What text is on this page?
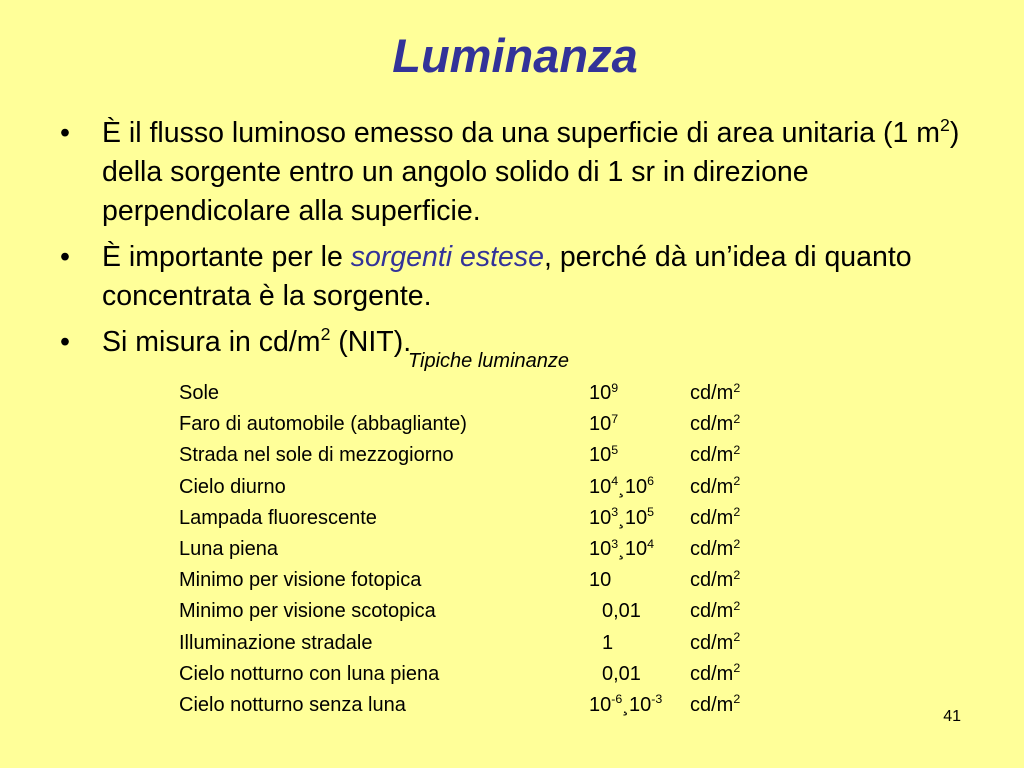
Luminanza
• È il flusso luminoso emesso da una superficie di area unitaria (1 $m^2$) della sorgente entro un angolo solido di 1 sr in direzione perpendicolare alla superficie.
• È importante per le sorgenti estese, perché dà un’idea di quanto concentrata è la sorgente.
• Si misura in $cd/m^2$ (NIT).
Tipiche luminanze
Sole	$10^9$	$cd/m^2$
Faro di automobile (abbagliante)	$10^7$	$cd/m^2$
Strada nel sole di mezzogiorno	$10^5$	$cd/m^2$
Cielo diurno	$10^4¸10^6$ $cd/m^2$
Lampada fluorescente	$10^3¸10^5$ $cd/m^2$
Luna piena	$10^3¸10^4$ $cd/m^2$
Minimo per visione fotopica	10	$cd/m^2$
Minimo per visione scotopica	0,01 $cd/m^2$
Illuminazione stradale	1	$cd/m^2$
Cielo notturno con luna piena	0,01 $cd/m^2$
Cielo notturno senza luna	$10^{-6}¸10^{-3}$ $cd/m^2$
41
